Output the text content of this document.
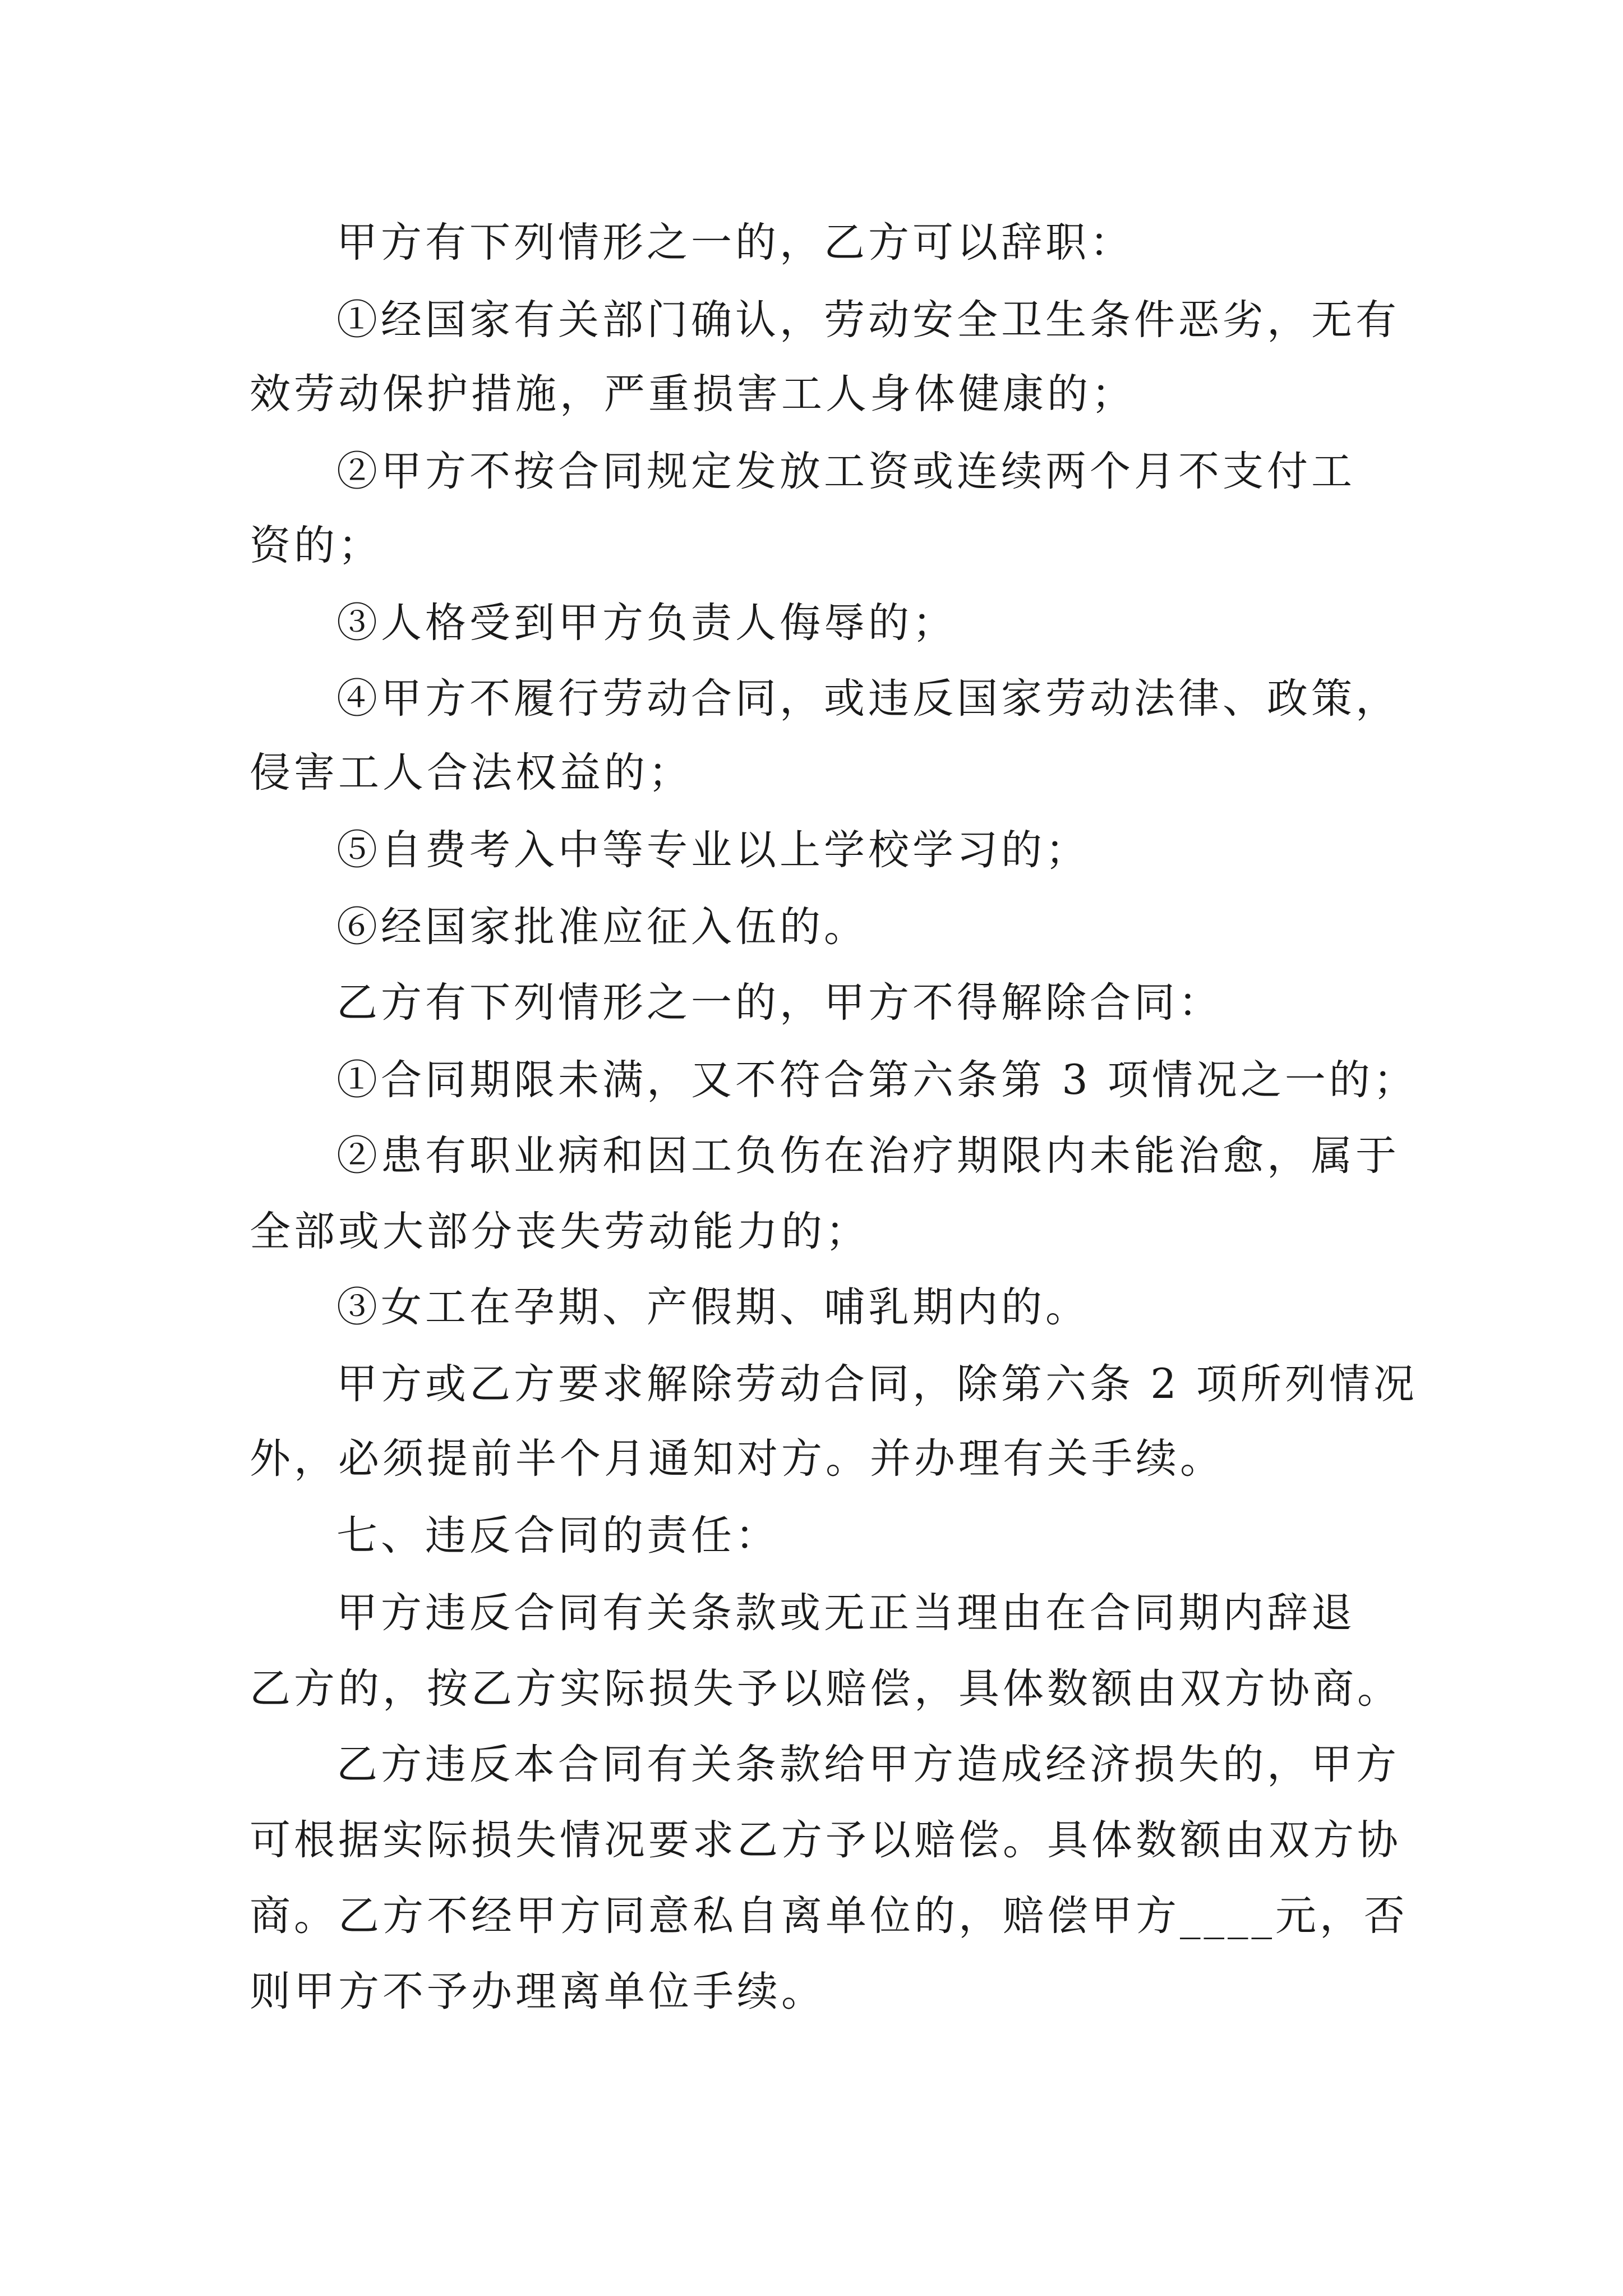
甲方有下列情形之一的，乙方可以辞职：
①经国家有关部门确认，劳动安全卫生条件恶劣，无有
效劳动保护措施，严重损害工人身体健康的；
②甲方不按合同规定发放工资或连续两个月不支付工
资的；
③人格受到甲方负责人侮辱的；
④甲方不履行劳动合同，或违反国家劳动法律、政策，
侵害工人合法权益的；
⑤自费考入中等专业以上学校学习的；
⑥经国家批准应征入伍的。
乙方有下列情形之一的，甲方不得解除合同：
①合同期限未满，又不符合第六条第 3 项情况之一的；
②患有职业病和因工负伤在治疗期限内未能治愈，属于
全部或大部分丧失劳动能力的；
③女工在孕期、产假期、哺乳期内的。
甲方或乙方要求解除劳动合同，除第六条 2 项所列情况
外，必须提前半个月通知对方。并办理有关手续。
七、违反合同的责任：
甲方违反合同有关条款或无正当理由在合同期内辞退
乙方的，按乙方实际损失予以赔偿，具体数额由双方协商。
乙方违反本合同有关条款给甲方造成经济损失的，甲方
可根据实际损失情况要求乙方予以赔偿。具体数额由双方协
商。乙方不经甲方同意私自离单位的，赔偿甲方____元，否
则甲方不予办理离单位手续。
